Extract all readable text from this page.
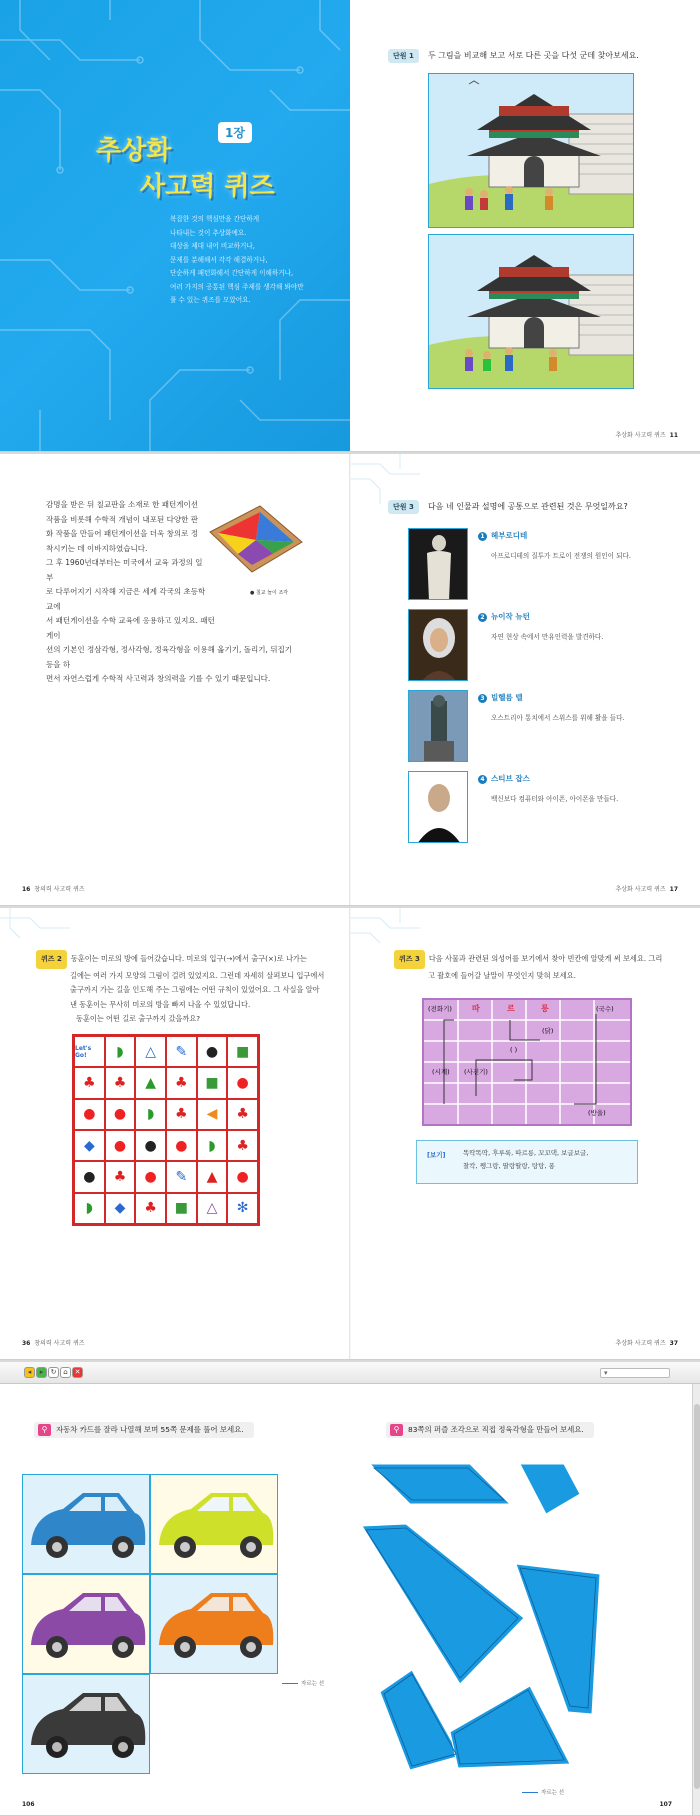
추상화
1장
사고력 퀴즈
복잡한 것의 핵심만을 간단하게
나타내는 것이 추상화예요.
대상을 제대 내어 비교하거나,
문제를 분해해서 각각 해결하거나,
단순하게 패턴화해서 간단하게 이해하거나,
여러 가지의 공통된 핵심 주제를 생각해 봐야만
풀 수 있는 퀴즈를 모았어요.
단원 1 두 그림을 비교해 보고 서로 다른 곳을 다섯 군데 찾아보세요.
추상화 사고력 퀴즈 11
감명을 받은 뒤 칠교판을 소재로 한 패턴게이션
작품을 비롯해 수학적 개념이 내포된 다양한 판
화 작품을 만들어 패턴게이션을 더욱 창의로 정
착시키는 데 이바지하였습니다.
그 후 1960년대부터는 미국에서 교육 과정의 일부
로 다루어지기 시작해 지금은 세계 각국의 초등학교에
서 패턴게이션을 수학 교육에 응용하고 있지요. 패턴게이
션의 기본인 정삼각형, 정사각형, 정육각형을 이용해 옮기기, 돌리기, 뒤집기 등을 하
면서 자연스럽게 수학적 사고력과 창의력을 기를 수 있기 때문입니다.
● 칠교 놀이 조각
16 창의력 사고력 퀴즈
단원 3 다음 네 인물과 설명에 공통으로 관련된 것은 무엇일까요?
1 헤부로디테
아프로디테의 질투가 트로이 전쟁의 원인이 되다.
2 뉴이작 뉴턴
자연 현상 속에서 만유인력을 발견하다.
3 빌헬름 텔
오스트리아 통치에서 스위스를 위해 활을 들다.
4 스티브 잡스
백신보다 컴퓨터와 아이폰, 아이폰을 만들다.
추상화 사고력 퀴즈 17
퀴즈 2 동훈이는 미로의 방에 들어갔습니다. 미로의 입구(→)에서 출구(×)로 나가는
길에는 여러 가지 모양의 그림이 걸려 있었지요. 그런데 자세히 살펴보니 입구에서
출구까지 가는 길을 인도해 주는 그림에는 어떤 규칙이 있었어요. 그 사실을 알아
낸 동훈이는 무사히 미로의 방을 빠져 나올 수 있었답니다.
동훈이는 어떤 길로 출구까지 갔을까요?
Let's Go!	◗	△	✎	●	■
♣	♣	▲	♣	■	●
●	●	◗	♣	◀	♣
◆	●	●	●	◗	♣
●	♣	●	✎	▲	●
◗	◆	♣	■	△	✻
36 창의력 사고력 퀴즈
퀴즈 3 다음 사물과 관련된 의성어를 보기에서 찾아 빈칸에 알맞게 써 보세요. 그리
고 괄호에 들어갈 날말이 무엇인지 맞혀 보세요.
(전화기)	따	르	릉	(국수)
(닭)
( )
(시계) (사진기)
(방울)
[보기]	똑딱똑딱, 후루룩, 따르릉, 꼬꼬댁, 보글보글,
찰칵, 쨍그랑, 딸랑딸랑, 탕탕, 퐁
추상화 사고력 퀴즈 37
◂	▸	↻ ⌂ ✕	▾
⚲	자동차 카드를 잘라 나열해 보며 55쪽 문제를 풀어 보세요.
자르는 선
106
⚲	83쪽의 퍼즐 조각으로 직접 정육각형을 만들어 보세요.
자르는 선
107
